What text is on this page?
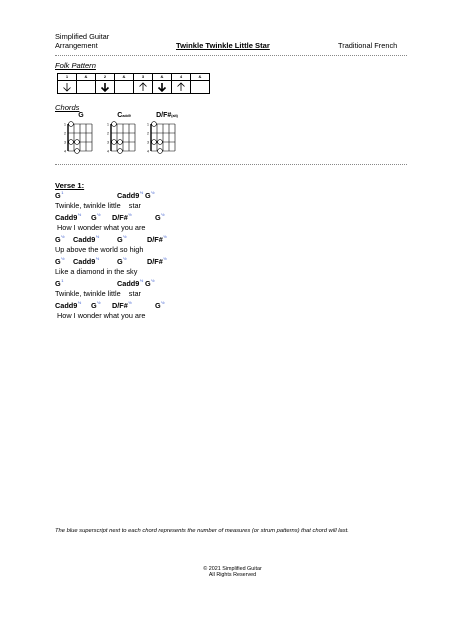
Simplified Guitar
Arrangement	Twinkle Twinkle Little Star	Traditional French
Folk Pattern
1	&	2	&	3	&	4	&
Chords
G	Cadd9	D/F#(alt)
1
2
3
4
1
2
3
4
1
2
3
4
Verse 1:
$G^1$	$Cadd9^{\frac{1}{2}}$ $G^{\frac{1}{2}}$
Twinkle, twinkle little    star
$Cadd9^{\frac{1}{2}}$ $G^{\frac{1}{2}}$ D/F#$^{\frac{1}{2}}$	$G^{\frac{1}{2}}$
How I wonder what you are
$G^{\frac{1}{2}}$ $Cadd9^{\frac{1}{2}}$ $G^{\frac{1}{2}}$	D/F#$^{\frac{1}{2}}$
Up above the world so high
$G^{\frac{1}{2}}$ $Cadd9^{\frac{1}{2}}$ $G^{\frac{1}{2}}$	D/F#$^{\frac{1}{2}}$
Like a diamond in the sky
$G^1$	$Cadd9^{\frac{1}{2}}$ $G^{\frac{1}{2}}$
Twinkle, twinkle little    star
$Cadd9^{\frac{1}{2}}$ $G^{\frac{1}{2}}$ D/F#$^{\frac{1}{2}}$	$G^{\frac{1}{2}}$
How I wonder what you are
The blue superscript next to each chord represents the number of measures (or strum patterns) that chord will last.
© 2021 Simplified Guitar
All Rights Reserved
